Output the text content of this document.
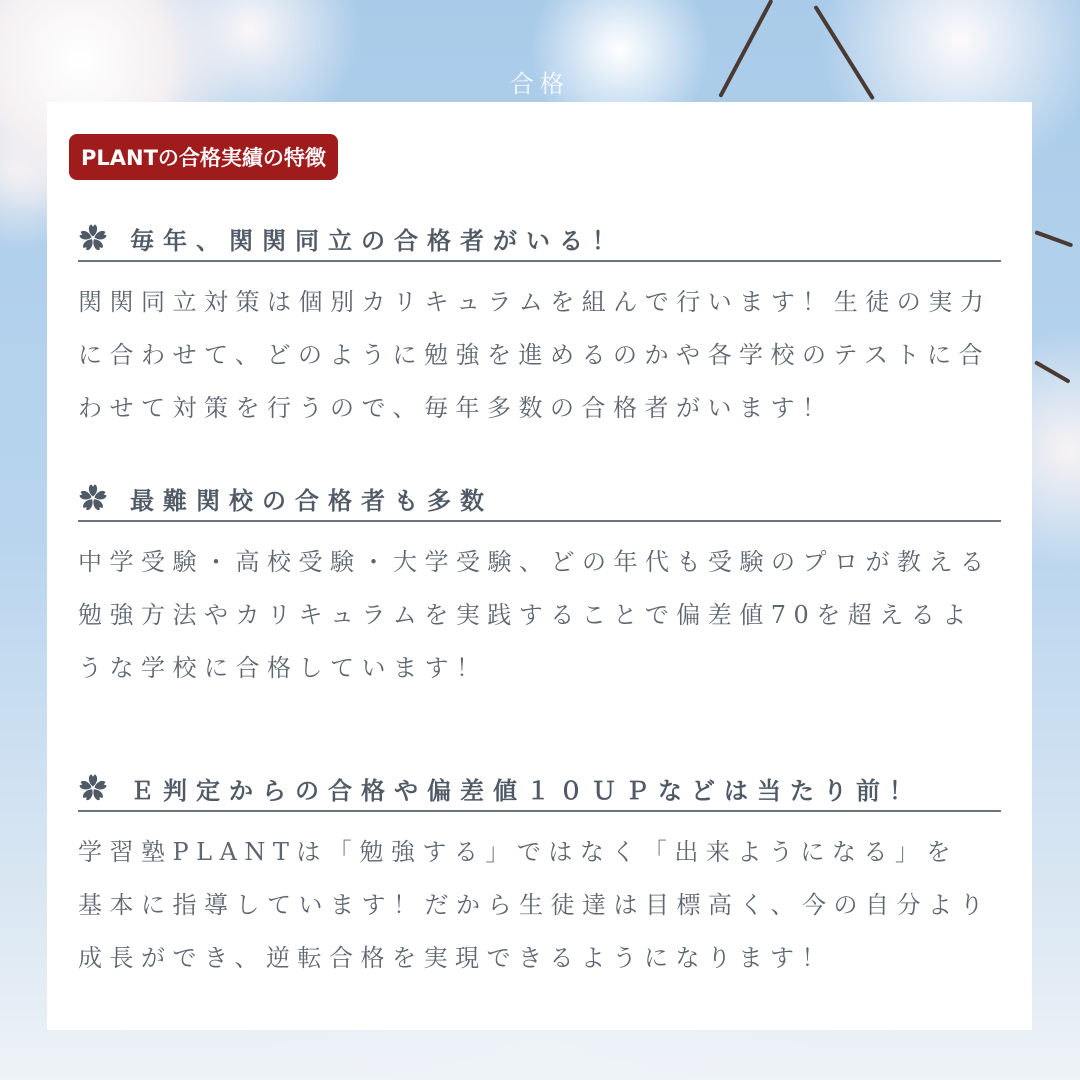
合格
PLANTの合格実績の特徴
毎年、関関同立の合格者がいる！
関関同立対策は個別カリキュラムを組んで行います！生徒の実力
に合わせて、どのように勉強を進めるのかや各学校のテストに合
わせて対策を行うので、毎年多数の合格者がいます！
最難関校の合格者も多数
中学受験・高校受験・大学受験、どの年代も受験のプロが教える
勉強方法やカリキュラムを実践することで偏差値70を超えるよ
うな学校に合格しています！
Ｅ判定からの合格や偏差値１０ＵＰなどは当たり前！
学習塾PLANTは「勉強する」ではなく「出来ようになる」を
基本に指導しています！だから生徒達は目標高く、今の自分より
成長ができ、逆転合格を実現できるようになります！
